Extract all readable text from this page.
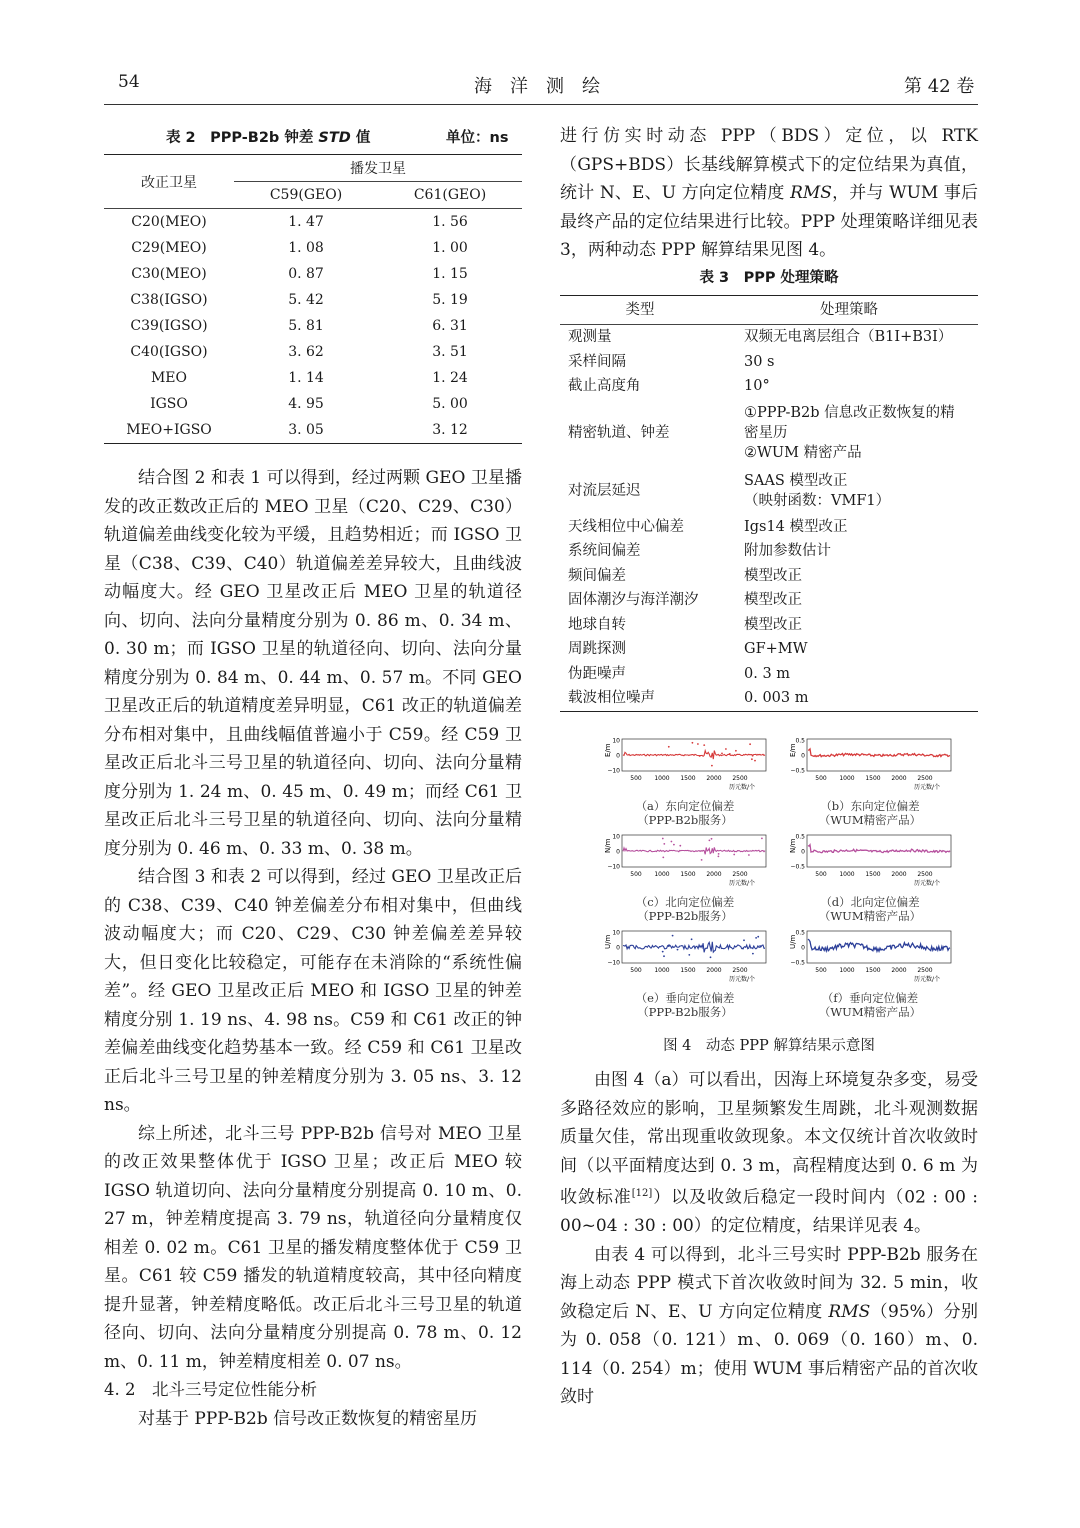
54	海　洋　测　绘	第 42 卷
表 2　PPP-B2b 钟差 STD 值	单位：ns
改正卫星	播发卫星	
	C59(GEO)	C61(GEO)
C20(MEO)	1. 47	1. 56
C29(MEO)	1. 08	1. 00
C30(MEO)	0. 87	1. 15
C38(IGSO)	5. 42	5. 19
C39(IGSO)	5. 81	6. 31
C40(IGSO)	3. 62	3. 51
MEO	1. 14	1. 24
IGSO	4. 95	5. 00
MEO+IGSO	3. 05	3. 12

结合图 2 和表 1 可以得到，经过两颗 GEO 卫星播发的改正数改正后的 MEO 卫星（C20、C29、C30）轨道偏差曲线变化较为平缓，且趋势相近；而 IGSO 卫星（C38、C39、C40）轨道偏差差异较大，且曲线波动幅度大。经 GEO 卫星改正后 MEO 卫星的轨道径向、切向、法向分量精度分别为 0. 86 m、0. 34 m、0. 30 m；而 IGSO 卫星的轨道径向、切向、法向分量精度分别为 0. 84 m、0. 44 m、0. 57 m。不同 GEO 卫星改正后的轨道精度差异明显，C61 改正的轨道偏差分布相对集中，且曲线幅值普遍小于 C59。经 C59 卫星改正后北斗三号卫星的轨道径向、切向、法向分量精度分别为 1. 24 m、0. 45 m、0. 49 m；而经 C61 卫星改正后北斗三号卫星的轨道径向、切向、法向分量精度分别为 0. 46 m、0. 33 m、0. 38 m。

结合图 3 和表 2 可以得到，经过 GEO 卫星改正后的 C38、C39、C40 钟差偏差分布相对集中，但曲线波动幅度大；而 C20、C29、C30 钟差偏差差异较大，但日变化比较稳定，可能存在未消除的“系统性偏差”。经 GEO 卫星改正后 MEO 和 IGSO 卫星的钟差精度分别 1. 19 ns、4. 98 ns。C59 和 C61 改正的钟差偏差曲线变化趋势基本一致。经 C59 和 C61 卫星改正后北斗三号卫星的钟差精度分别为 3. 05 ns、3. 12 ns。

综上所述，北斗三号 PPP-B2b 信号对 MEO 卫星的改正效果整体优于 IGSO 卫星；改正后 MEO 较 IGSO 轨道切向、法向分量精度分别提高 0. 10 m、0. 27 m，钟差精度提高 3. 79 ns，轨道径向分量精度仅相差 0. 02 m。C61 卫星的播发精度整体优于 C59 卫星。C61 较 C59 播发的轨道精度较高，其中径向精度提升显著，钟差精度略低。改正后北斗三号卫星的轨道径向、切向、法向分量精度分别提高 0. 78 m、0. 12 m、0. 11 m，钟差精度相差 0. 07 ns。

4. 2　北斗三号定位性能分析

对基于 PPP-B2b 信号改正数恢复的精密星历

进行仿实时动态 PPP（BDS）定位，以 RTK（GPS+BDS）长基线解算模式下的定位结果为真值，统计 N、E、U 方向定位精度 RMS，并与 WUM 事后最终产品的定位结果进行比较。PPP 处理策略详细见表 3，两种动态 PPP 解算结果见图 4。

表 3　PPP 处理策略
类型	处理策略
观测量	双频无电离层组合（B1I+B3I）

采样间隔	30 s

截止高度角	10°

精密轨道、钟差	①PPP-B2b 信息改正数恢复的精
密星历
②WUM 精密产品

对流层延迟	SAAS 模型改正
（映射函数：VMF1）

天线相位中心偏差	Igs14 模型改正

系统间偏差	附加参数估计

频间偏差	模型改正

固体潮汐与海洋潮汐	模型改正

地球自转	模型改正

周跳探测	GF+MW

伪距噪声	0. 3 m

载波相位噪声	0. 003 m
E/m
10
0
−10
500 1000 1500 2000 2500
历元数/个
（a）东向定位偏差
（PPP-B2b服务）
E/m
0.5
0
−0.5
500 1000 1500 2000 2500
历元数/个
（b）东向定位偏差
（WUM精密产品）
N/m
10
0
−10
500 1000 1500 2000 2500
历元数/个
（c）北向定位偏差
（PPP-B2b服务）
N/m
0.5
0
−0.5
500 1000 1500 2000 2500
历元数/个
（d）北向定位偏差
（WUM精密产品）
U/m
10
0
−10
500 1000 1500 2000 2500
历元数/个
（e）垂向定位偏差
（PPP-B2b服务）
U/m
0.5
0
−0.5
500 1000 1500 2000 2500
历元数/个
（f）垂向定位偏差
（WUM精密产品）
图 4　动态 PPP 解算结果示意图

由图 4（a）可以看出，因海上环境复杂多变，易受多路径效应的影响，卫星频繁发生周跳，北斗观测数据质量欠佳，常出现重收敛现象。本文仅统计首次收敛时间（以平面精度达到 0. 3 m，高程精度达到 0. 6 m 为收敛标准[12]）以及收敛后稳定一段时间内（02 : 00 : 00~04 : 30 : 00）的定位精度，结果详见表 4。

由表 4 可以得到，北斗三号实时 PPP-B2b 服务在海上动态 PPP 模式下首次收敛时间为 32. 5 min，收敛稳定后 N、E、U 方向定位精度 RMS（95%）分别为 0. 058（0. 121）m、0. 069（0. 160）m、0. 114（0. 254）m；使用 WUM 事后精密产品的首次收敛时
